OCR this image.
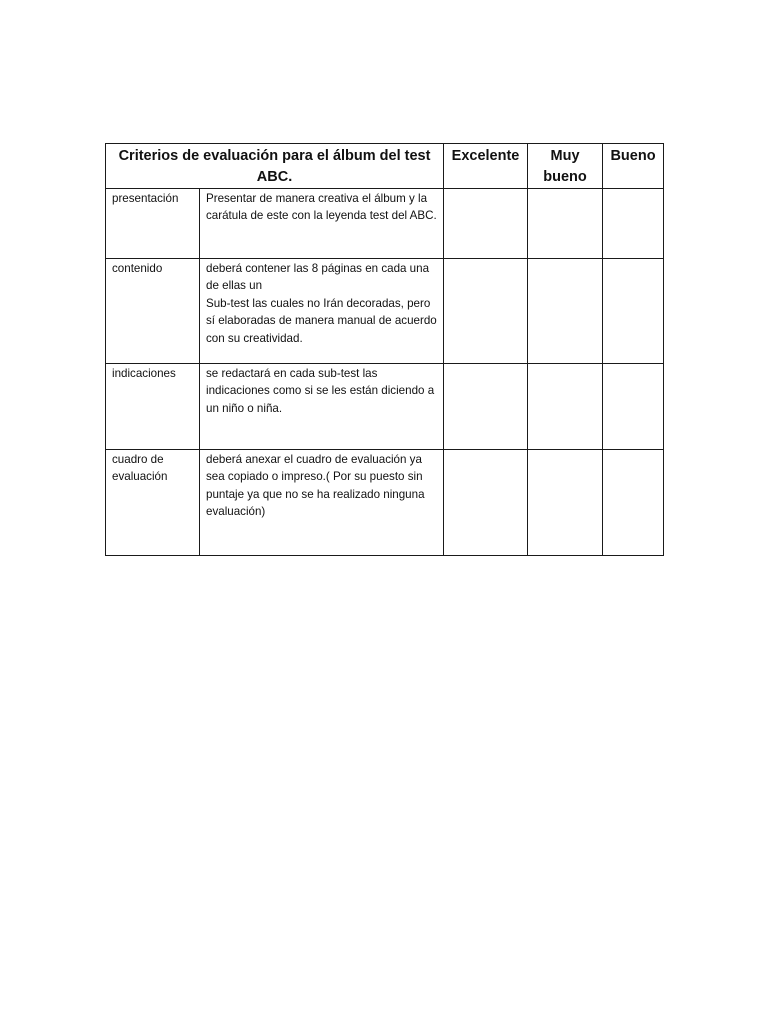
Criterios de evaluación para el álbum del test ABC.		Excelente	Muy bueno	Bueno
presentación	Presentar de manera creativa el álbum y la carátula de este con la leyenda test del ABC.			
contenido	deberá contener las 8 páginas en cada una de ellas un
Sub-test las cuales no Irán decoradas, pero sí elaboradas de manera manual de acuerdo con su creatividad.			
indicaciones	se redactará en cada sub-test las indicaciones como si se les están diciendo a un niño o niña.			
cuadro de evaluación	deberá anexar el cuadro de evaluación ya sea copiado o impreso.( Por su puesto sin puntaje ya que no se ha realizado ninguna evaluación)			
